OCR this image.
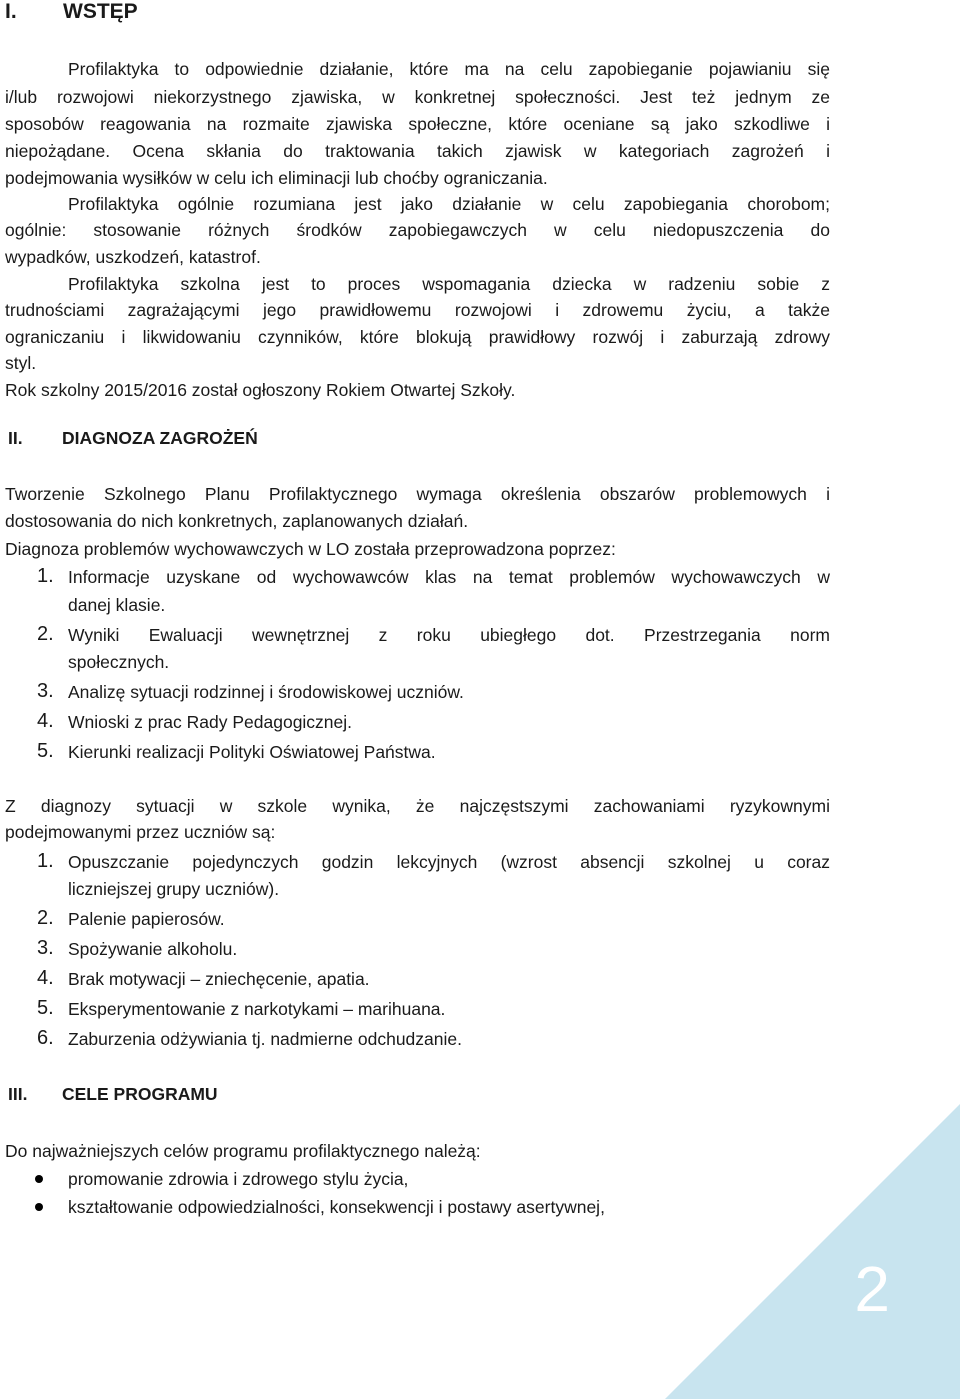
I. WSTĘP
Profilaktyka to odpowiednie działanie, które ma na celu zapobieganie pojawianiu się
i/lub rozwojowi niekorzystnego zjawiska, w konkretnej społeczności. Jest też jednym ze
sposobów reagowania na rozmaite zjawiska społeczne, które oceniane są jako szkodliwe i
niepożądane. Ocena skłania do traktowania takich zjawisk w kategoriach zagrożeń i
podejmowania wysiłków w celu ich eliminacji lub choćby ograniczania.
Profilaktyka ogólnie rozumiana jest jako działanie w celu zapobiegania chorobom;
ogólnie: stosowanie różnych środków zapobiegawczych w celu niedopuszczenia do
wypadków, uszkodzeń, katastrof.
Profilaktyka szkolna jest to proces wspomagania dziecka w radzeniu sobie z
trudnościami zagrażającymi jego prawidłowemu rozwojowi i zdrowemu życiu, a także
ograniczaniu i likwidowaniu czynników, które blokują prawidłowy rozwój i zaburzają zdrowy
styl.
Rok szkolny 2015/2016 został ogłoszony Rokiem Otwartej Szkoły.
II. DIAGNOZA ZAGROŻEŃ
Tworzenie Szkolnego Planu Profilaktycznego wymaga określenia obszarów problemowych i
dostosowania do nich konkretnych, zaplanowanych działań.
Diagnoza problemów wychowawczych w LO została przeprowadzona poprzez:
1. Informacje uzyskane od wychowawców klas na temat problemów wychowawczych w
danej klasie.
2. Wyniki Ewaluacji wewnętrznej z roku ubiegłego dot. Przestrzegania norm
społecznych.
3. Analizę sytuacji rodzinnej i środowiskowej uczniów.
4. Wnioski z prac Rady Pedagogicznej.
5. Kierunki realizacji Polityki Oświatowej Państwa.
Z diagnozy sytuacji w szkole wynika, że najczęstszymi zachowaniami ryzykownymi
podejmowanymi przez uczniów są:
1. Opuszczanie pojedynczych godzin lekcyjnych (wzrost absencji szkolnej u coraz
liczniejszej grupy uczniów).
2. Palenie papierosów.
3. Spożywanie alkoholu.
4. Brak motywacji – zniechęcenie, apatia.
5. Eksperymentowanie z narkotykami – marihuana.
6. Zaburzenia odżywiania tj. nadmierne odchudzanie.
III. CELE PROGRAMU
Do najważniejszych celów programu profilaktycznego należą:
promowanie zdrowia i zdrowego stylu życia,
kształtowanie odpowiedzialności, konsekwencji i postawy asertywnej,
2
